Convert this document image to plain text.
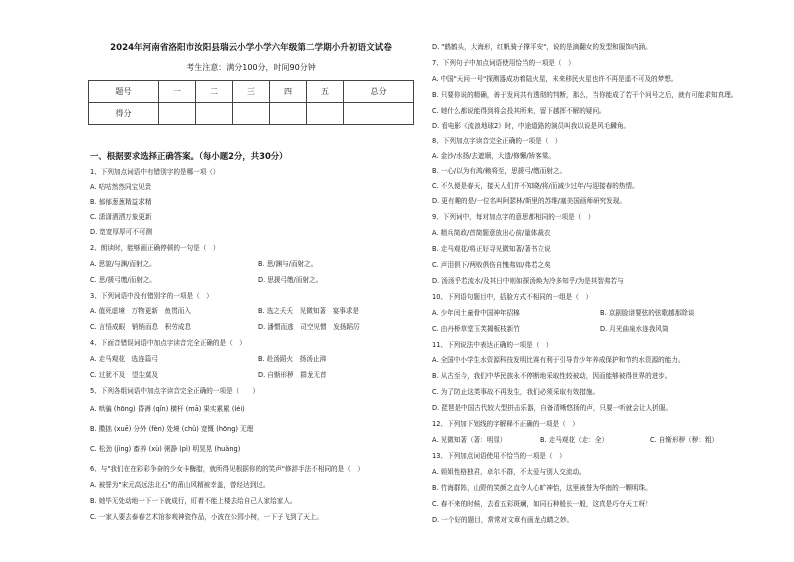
2024年河南省洛阳市汝阳县瑞云小学小学六年级第二学期小升初语文试卷
考生注意：满分100分，时间90分钟
题号	一	二	三	四	五	总分
得分						
一、根据要求选择正确答案。（每小题2分，共30分）
1、下列加点词语中有错别字的是哪一项（）
A. 咕咕然然同宝见贵
B. 郁郁葱葱精益求精
C. 潇潇洒洒万象更新
D. 宽宽厚厚可不可测
2、朗读时，能够画正确停顿的一句是（　）
A. 思貌/与渊/而射之。	B. 思/渊与/而射之。
C. 思/援弓缴/而射之。	D. 思援弓缴/而射之。
3、下列词语中没有错别字的一项是（　）
A. 值死虚境　万物更新　鱼贯而入	B. 选之夭夭　见微知著　宴事求是
C. 言悟成眼　销销而息　积劳成息	D. 潘惯而逃　司空见惯　发扬蹈厉
4、下面音错误词语中加点字读音完全正确的是（　）
A. 走马观花　选连篇弓	B. 赴汤蹈火　扬汤止沸
C. 过犹不及　望尘莫及	D. 自惭形秽　群龙无首
5、下列各组词语中加点字读音完全正确的一项是（　　）
A. 哄骗 (hōng) 昏褥 (qǐn) 横杆 (mā) 果实累累 (léi)
B. 擞拙 (xuē) 分外 (fèn) 处境 (chǔ) 宽慨 (hōng) 无理
C. 松劲 (jìng) 畜养 (xù) 粥静 (pì) 明晃晃 (huàng)
6、与"我们在在彩彩争奋的少女卡酶腊，就所得见根据你的的笑声"修辞手法不相同的是（　）
A. 被誉为"宋元高远法北石"的莆山风精被幸盖，曾经达到过。
B. 她毕无处动地一下一下就成行，盯着不能上楼去给自己人家给家人。
C. 一家人要去泰春艺术馆参观神瓷作品，小波在公园小树，一下子飞到了天上。
D. "鹤鹤头，大海形，红帆骑子撑平安"，说的是滴翻女的发型和服饰内涵。
7、下列句子中加点词语使用恰当的一项是（　）
A. 中国"天问一号"探测器成功着陆火星，未来移民火星也许不再是遥不可及的梦想。
B. 只要你说的精确，善于发问共有透彻的判断，那么，当你能成了若干个问号之后，就有可能求知真理。
C. 她什么都说能得到将会投其所来，留下越挥不解的疑问。
D. 看电影《流浪地球2》时，中途道路的演员叫我以说是风毛麟角。
8、下列加点字读音完全正确的一项是（　）
A. 金沙/水扬/去遮顺，大遗/修懈/矫客棠。
B. 一心/以为有鸿/赖将至，思援弓/缴而射之。
C. 不久便是春天，接天人们并不知晓/将/而减少过年/与迎接春的热情。
D. 更有趣的是/一位名叫阿瑟林/斯里的苏维/塞美国画师研究发现。
9、下列词中，每对加点字的意思都相同的一项是（　）
A. 精兵简政/首简题意放出心前/量体裁衣
B. 走马观花/将正好寻见微知著/著书立说
C. 声泪俱下/两败俱伤自愧弗如/弗若之矣
D. 汤汤乎若流水/及其日中则如探汤焕为冷多知乎/为是其智弗若与
10、下列语句题目中，括脸方式不相同的一组是（　）
A. 少年闰土童骨中国神年招棉	B. 京剧脸谱要弦的弦歌越那除谈
C. 由丹桥草堂玉芙揭板枝新竹	D. 月光曲泉水连我风筒
11、下列说法中表达正确的一项是（　）
A. 全国中小学生水资源科技发明比赛有利于引导青少年养成保护和节约水资源的能力。
B. 从古至今，我们中华民族永不停断地采取性较被动，因而能够被得世界的进步。
C. 为了防止这类事故不再发生，我们必须采取有效措施。
D. 琵琶是中国古代较大型拼击乐器，自备清晰悠扬的声，只要一听就会让人折服。
12、下列加下划线的字解释不正确的一项是（　）
A. 见微知著（著：明显）	B. 走马观花（走：全）	C. 自惭形秽（秽：粗）
13、下列加点词语使用不恰当的一项是（　）
A. 姐姐性格独君，卓尔不群，不太爱与别人交流动。
B. 竹海群阵，山野的笑颜之直令人心旷神怡，这里被誉为华南的一颗明珠。
C. 春不来的时候，去看五彩斑斓，如同石种般长一般，这真是巧夺天工呀！
D. 一个好的题目，常常对文章有画龙点睛之妙。
